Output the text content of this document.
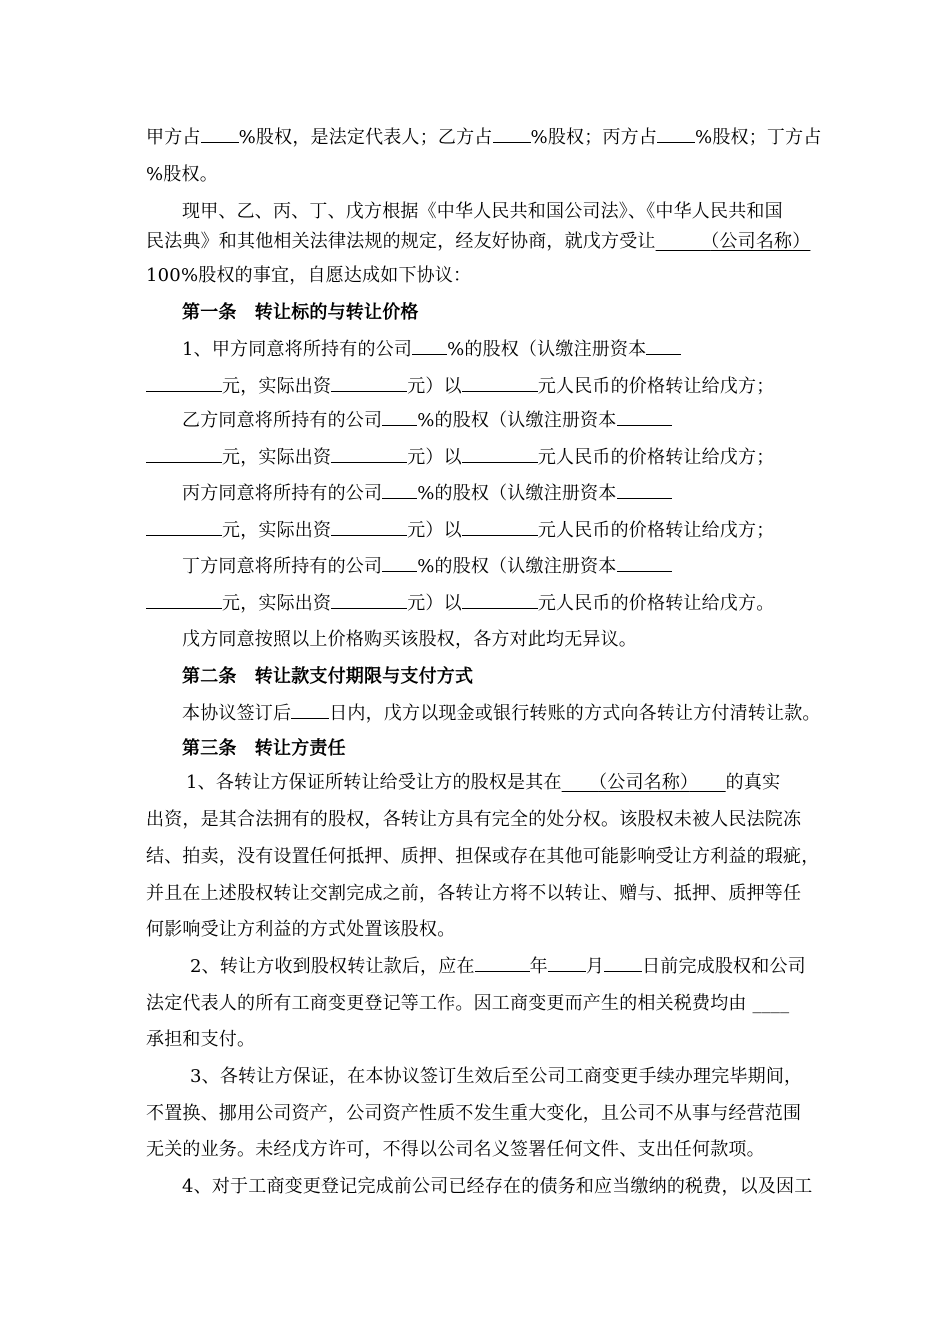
甲方占 %股权，是法定代表人；乙方占 %股权；丙方占 %股权；丁方占
%股权。
现甲、乙、丙、丁、戊方根据《中华人民共和国公司法》、《中华人民共和国
民法典》和其他相关法律法规的规定，经友好协商，就戊方受让　　　	（公司名称）
100%股权的事宜，自愿达成如下协议：
第一条　转让标的与转让价格
1、甲方同意将所持有的公司 %的股权（认缴注册资本
元，实际出资	元）以	元人民币的价格转让给戊方；
乙方同意将所持有的公司 %的股权（认缴注册资本
元，实际出资	元）以	元人民币的价格转让给戊方；
丙方同意将所持有的公司 %的股权（认缴注册资本
元，实际出资	元）以	元人民币的价格转让给戊方；
丁方同意将所持有的公司 %的股权（认缴注册资本
元，实际出资	元）以	元人民币的价格转让给戊方。
戊方同意按照以上价格购买该股权，各方对此均无异议。
第二条　转让款支付期限与支付方式
本协议签订后 日内，戊方以现金或银行转账的方式向各转让方付清转让款。
第三条　转让方责任
1、各转让方保证所转让给受让方的股权是其在　　 （公司名称）　　 的真实
出资，是其合法拥有的股权，各转让方具有完全的处分权。该股权未被人民法院冻
结、拍卖，没有设置任何抵押、质押、担保或存在其他可能影响受让方利益的瑕疵，
并且在上述股权转让交割完成之前，各转让方将不以转让、赠与、抵押、质押等任
何影响受让方利益的方式处置该股权。
2、转让方收到股权转让款后，应在	年 月 日前完成股权和公司
法定代表人的所有工商变更登记等工作。因工商变更而产生的相关税费均由 ____
承担和支付。
3、各转让方保证，在本协议签订生效后至公司工商变更手续办理完毕期间，
不置换、挪用公司资产，公司资产性质不发生重大变化，且公司不从事与经营范围
无关的业务。未经戊方许可，不得以公司名义签署任何文件、支出任何款项。
4、对于工商变更登记完成前公司已经存在的债务和应当缴纳的税费，以及因工
